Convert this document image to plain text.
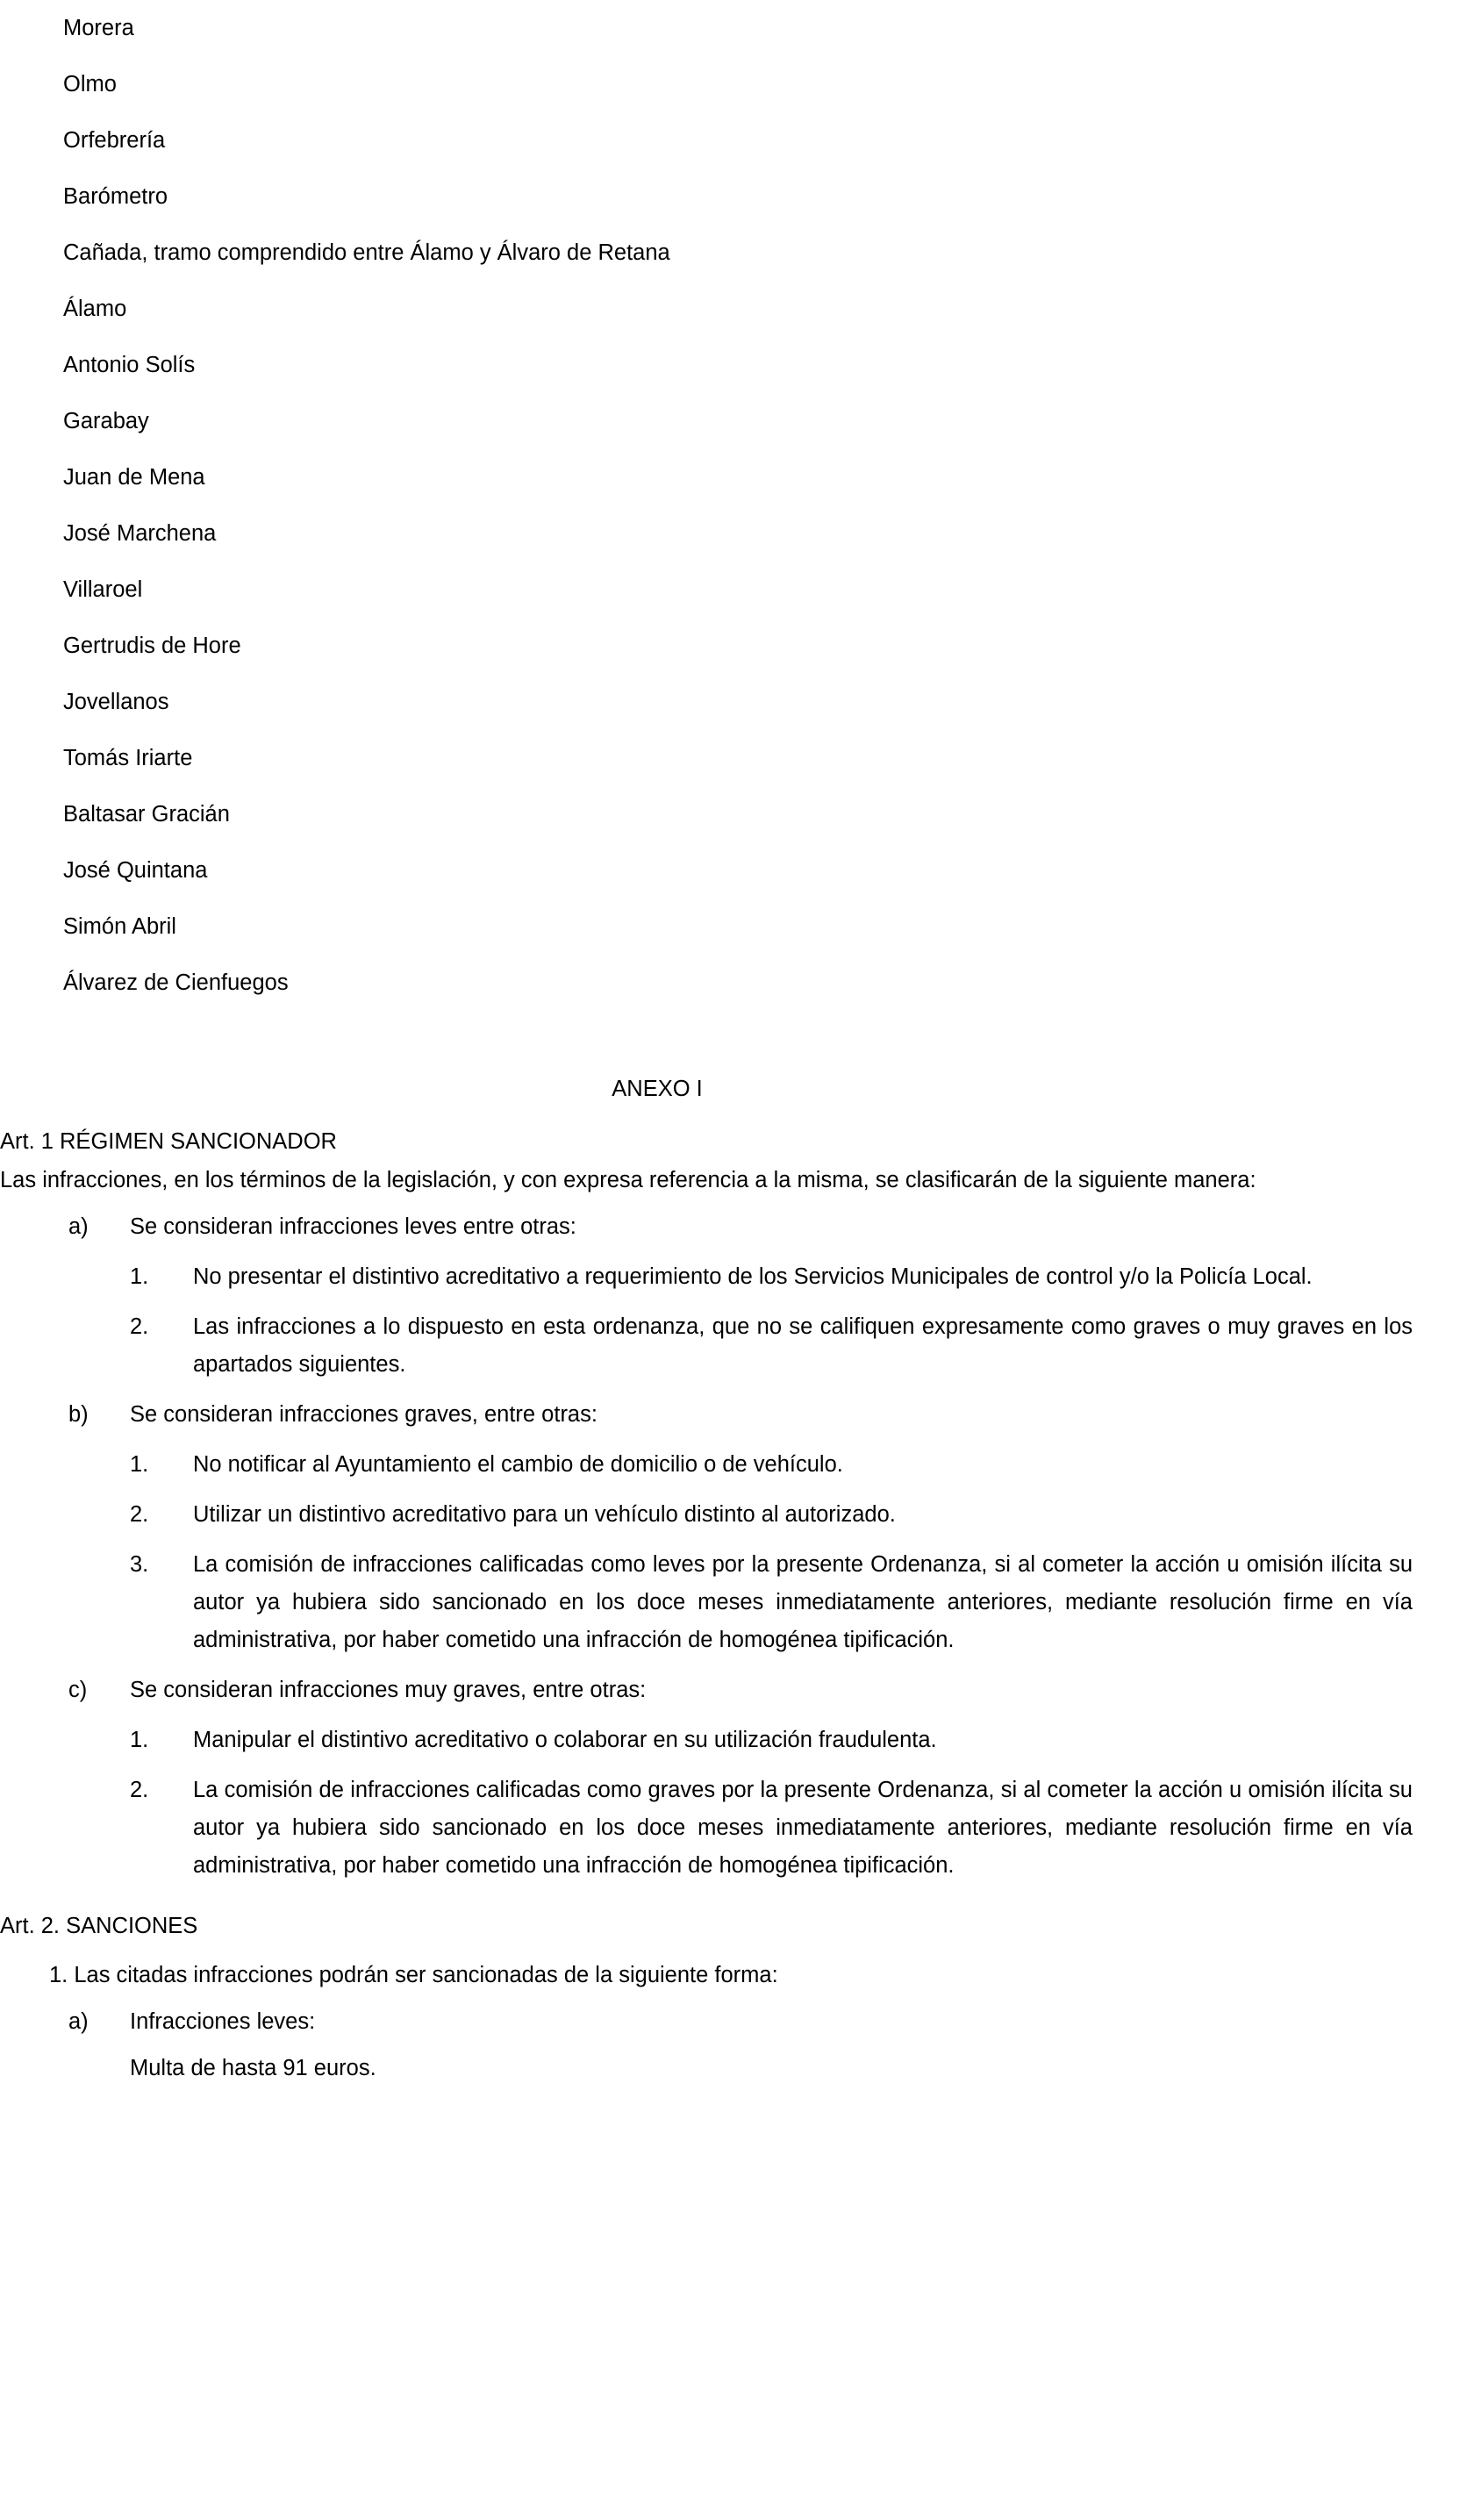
Morera
Olmo
Orfebrería
Barómetro
Cañada, tramo comprendido entre Álamo y Álvaro de Retana
Álamo
Antonio Solís
Garabay
Juan de Mena
José Marchena
Villaroel
Gertrudis de Hore
Jovellanos
Tomás Iriarte
Baltasar Gracián
José Quintana
Simón Abril
Álvarez de Cienfuegos
ANEXO I
Art. 1 RÉGIMEN SANCIONADOR
Las infracciones, en los términos de la legislación, y con expresa referencia a la misma, se clasificarán de la siguiente manera:
a)	Se consideran infracciones leves entre otras:
1.	No presentar el distintivo acreditativo a requerimiento de los Servicios Municipales de control y/o la Policía Local.
2.	Las infracciones a lo dispuesto en esta ordenanza, que no se califiquen expresamente como graves o muy graves en los apartados siguientes.
b)	Se consideran infracciones graves, entre otras:
1.	No notificar al Ayuntamiento el cambio de domicilio o de vehículo.
2.	Utilizar un distintivo acreditativo para un vehículo distinto al autorizado.
3.	La comisión de infracciones calificadas como leves por la presente Ordenanza, si al cometer la acción u omisión ilícita su autor ya hubiera sido sancionado en los doce meses inmediatamente anteriores, mediante resolución firme en vía administrativa, por haber cometido una infracción de homogénea tipificación.
c)	Se consideran infracciones muy graves, entre otras:
1.	Manipular el distintivo acreditativo o colaborar en su utilización fraudulenta.
2.	La comisión de infracciones calificadas como graves por la presente Ordenanza, si al cometer la acción u omisión ilícita su autor ya hubiera sido sancionado en los doce meses inmediatamente anteriores, mediante resolución firme en vía administrativa, por haber cometido una infracción de homogénea tipificación.
Art. 2. SANCIONES
1. Las citadas infracciones podrán ser sancionadas de la siguiente forma:
a)	Infracciones leves:
Multa de hasta 91 euros.
